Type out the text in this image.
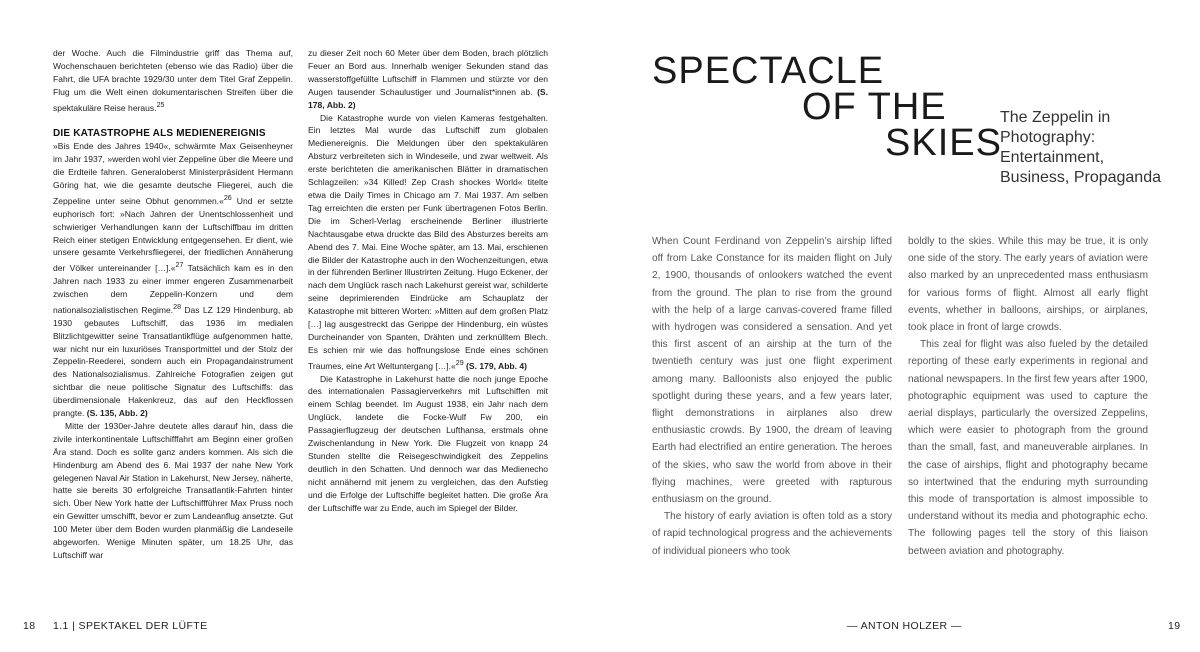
der Woche. Auch die Filmindustrie griff das Thema auf, Wochenschauen berichteten (ebenso wie das Radio) über die Fahrt, die UFA brachte 1929/30 unter dem Titel Graf Zeppelin. Flug um die Welt einen dokumentarischen Streifen über die spektakuläre Reise heraus.$^{25}$

DIE KATASTROPHE ALS MEDIENEREIGNIS

»Bis Ende des Jahres 1940«, schwärmte Max Geisenheyner im Jahr 1937, »werden wohl vier Zeppeline über die Meere und die Erdteile fahren. Generaloberst Ministerpräsident Hermann Göring hat, wie die gesamte deutsche Fliegerei, auch die Zeppeline unter seine Obhut genommen.«$^{26}$ Und er setzte euphorisch fort: »Nach Jahren der Unentschlossenheit und schwieriger Verhandlungen kann der Luftschiffbau im dritten Reich einer stetigen Entwicklung entgegensehen. Er dient, wie unsere gesamte Verkehrsfliegerei, der friedlichen Annäherung der Völker untereinander […].«$^{27}$ Tatsächlich kam es in den Jahren nach 1933 zu einer immer engeren Zusammenarbeit zwischen dem Zeppelin-Konzern und dem nationalsozialistischen Regime.$^{28}$ Das LZ 129 Hindenburg, ab 1930 gebautes Luftschiff, das 1936 im medialen Blitzlichtgewitter seine Transatlantikflüge aufgenommen hatte, war nicht nur ein luxuriöses Transportmittel und der Stolz der Zeppelin-Reederei, sondern auch ein Propagandainstrument des Nationalsozialismus. Zahlreiche Fotografien zeigen gut sichtbar die neue politische Signatur des Luftschiffs: das überdimensionale Hakenkreuz, das auf den Heckflossen prangte. (S. 135, Abb. 2)

Mitte der 1930er-Jahre deutete alles darauf hin, dass die zivile interkontinentale Luftschifffahrt am Beginn einer großen Ära stand. Doch es sollte ganz anders kommen. Als sich die Hindenburg am Abend des 6. Mai 1937 der nahe New York gelegenen Naval Air Station in Lakehurst, New Jersey, näherte, hatte sie bereits 30 erfolgreiche Transatlantik-Fahrten hinter sich. Über New York hatte der Luftschiffführer Max Pruss noch ein Gewitter umschifft, bevor er zum Landeanflug ansetzte. Gut 100 Meter über dem Boden wurden planmäßig die Landeseile abgeworfen. Wenige Minuten später, um 18.25 Uhr, das Luftschiff war

zu dieser Zeit noch 60 Meter über dem Boden, brach plötzlich Feuer an Bord aus. Innerhalb weniger Sekunden stand das wasserstoffgefüllte Luftschiff in Flammen und stürzte vor den Augen tausender Schaulustiger und Journalist*innen ab. (S. 178, Abb. 2)

Die Katastrophe wurde von vielen Kameras festgehalten. Ein letztes Mal wurde das Luftschiff zum globalen Medienereignis. Die Meldungen über den spektakulären Absturz verbreiteten sich in Windeseile, und zwar weltweit. Als erste berichteten die amerikanischen Blätter in dramatischen Schlagzeilen: »34 Killed! Zep Crash shockes World« titelte etwa die Daily Times in Chicago am 7. Mai 1937. Am selben Tag erreichten die ersten per Funk übertragenen Fotos Berlin. Die im Scherl-Verlag erscheinende Berliner illustrierte Nachtausgabe etwa druckte das Bild des Absturzes bereits am Abend des 7. Mai. Eine Woche später, am 13. Mai, erschienen die Bilder der Katastrophe auch in den Wochenzeitungen, etwa in der führenden Berliner Illustrirten Zeitung. Hugo Eckener, der nach dem Unglück rasch nach Lakehurst gereist war, schilderte seine deprimierenden Eindrücke am Schauplatz der Katastrophe mit bitteren Worten: »Mitten auf dem großen Platz […] lag ausgestreckt das Gerippe der Hindenburg, ein wüstes Durcheinander von Spanten, Drähten und zerknülltem Blech. Es schien mir wie das hoffnungslose Ende eines schönen Traumes, eine Art Weltuntergang […].«$^{29}$ (S. 179, Abb. 4)

Die Katastrophe in Lakehurst hatte die noch junge Epoche des internationalen Passagierverkehrs mit Luftschiffen mit einem Schlag beendet. Im August 1938, ein Jahr nach dem Unglück, landete die Focke-Wulf Fw 200, ein Passagierflugzeug der deutschen Lufthansa, erstmals ohne Zwischenlandung in New York. Die Flugzeit von knapp 24 Stunden stellte die Reisegeschwindigkeit des Zeppelins deutlich in den Schatten. Und dennoch war das Medienecho nicht annähernd mit jenem zu vergleichen, das den Aufstieg und die Erfolge der Luftschiffe begleitet hatten. Die große Ära der Luftschiffe war zu Ende, auch im Spiegel der Bilder.

18 1.1 | SPEKTAKEL DER LÜFTE
SPECTACLE
OF THE
SKIES
The Zeppelin in Photography: Entertainment, Business, Propaganda

When Count Ferdinand von Zeppelin’s airship lifted off from Lake Constance for its maiden flight on July 2, 1900, thousands of onlookers watched the event from the ground. The plan to rise from the ground with the help of a large canvas-covered frame filled with hydrogen was considered a sensation. And yet this first ascent of an airship at the turn of the twentieth century was just one flight experiment among many. Balloonists also enjoyed the public spotlight during these years, and a few years later, flight demonstrations in airplanes also drew enthusiastic crowds. By 1900, the dream of leaving Earth had electrified an entire generation. The heroes of the skies, who saw the world from above in their flying machines, were greeted with rapturous enthusiasm on the ground.

The history of early aviation is often told as a story of rapid technological progress and the achievements of individual pioneers who took

boldly to the skies. While this may be true, it is only one side of the story. The early years of aviation were also marked by an unprecedented mass enthusiasm for various forms of flight. Almost all early flight events, whether in balloons, airships, or airplanes, took place in front of large crowds.

This zeal for flight was also fueled by the detailed reporting of these early experiments in regional and national newspapers. In the first few years after 1900, photographic equipment was used to capture the aerial displays, particularly the oversized Zeppelins, which were easier to photograph from the ground than the small, fast, and maneuverable airplanes. In the case of airships, flight and photography became so intertwined that the enduring myth surrounding this mode of transportation is almost impossible to understand without its media and photographic echo. The following pages tell the story of this liaison between aviation and photography.

— ANTON HOLZER —	19
